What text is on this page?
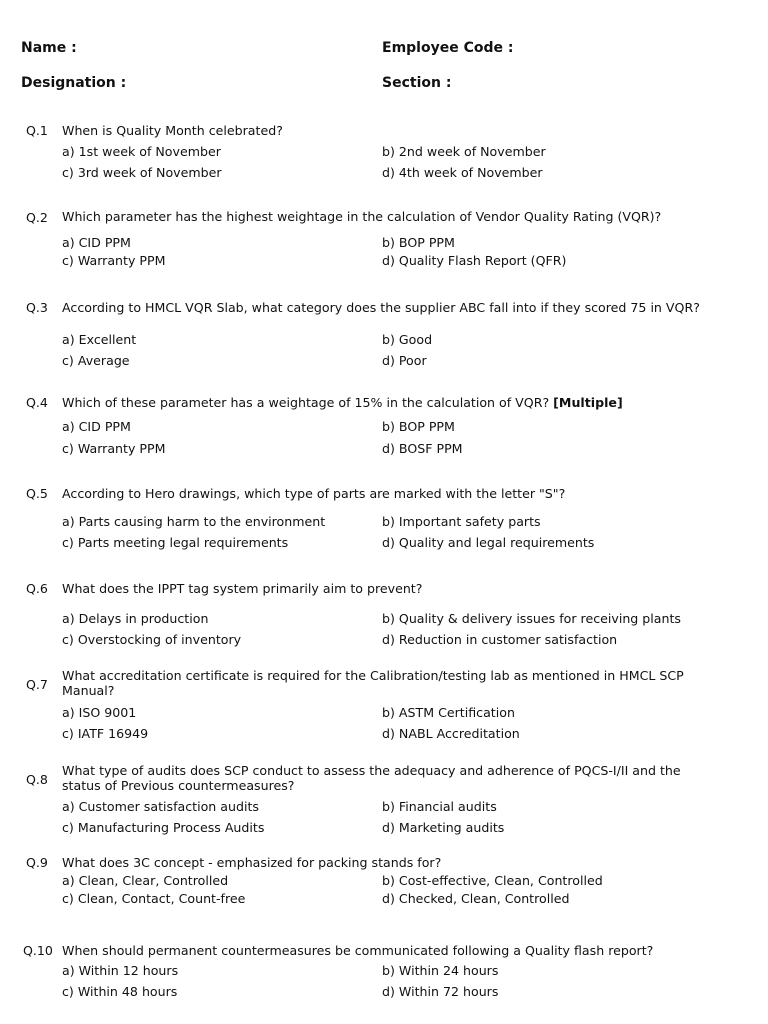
Name :	Employee Code :
Designation :	Section :
Q.1 When is Quality Month celebrated?
a) 1st week of November	b) 2nd week of November
c) 3rd week of November	d) 4th week of November
Q.2 Which parameter has the highest weightage in the calculation of Vendor Quality Rating (VQR)?
a) CID PPM	b) BOP PPM
c) Warranty PPM	d) Quality Flash Report (QFR)
Q.3 According to HMCL VQR Slab, what category does the supplier ABC fall into if they scored 75 in VQR?
a) Excellent	b) Good
c) Average	d) Poor
Q.4 Which of these parameter has a weightage of 15% in the calculation of VQR? [Multiple]
a) CID PPM	b) BOP PPM
c) Warranty PPM	d) BOSF PPM
Q.5 According to Hero drawings, which type of parts are marked with the letter "S"?
a) Parts causing harm to the environment	b) Important safety parts
c) Parts meeting legal requirements	d) Quality and legal requirements
Q.6 What does the IPPT tag system primarily aim to prevent?
a) Delays in production	b) Quality & delivery issues for receiving plants
c) Overstocking of inventory	d) Reduction in customer satisfaction
Q.7
What accreditation certificate is required for the Calibration/testing lab as mentioned in HMCL SCP Manual?
a) ISO 9001	b) ASTM Certification
c) IATF 16949	d) NABL Accreditation
Q.8
What type of audits does SCP conduct to assess the adequacy and adherence of PQCS-I/II and the status of Previous countermeasures?
a) Customer satisfaction audits	b) Financial audits
c) Manufacturing Process Audits	d) Marketing audits
Q.9 What does 3C concept - emphasized for packing stands for?
a) Clean, Clear, Controlled	b) Cost-effective, Clean, Controlled
c) Clean, Contact, Count-free	d) Checked, Clean, Controlled
Q.10 When should permanent countermeasures be communicated following a Quality flash report?
a) Within 12 hours	b) Within 24 hours
c) Within 48 hours	d) Within 72 hours
